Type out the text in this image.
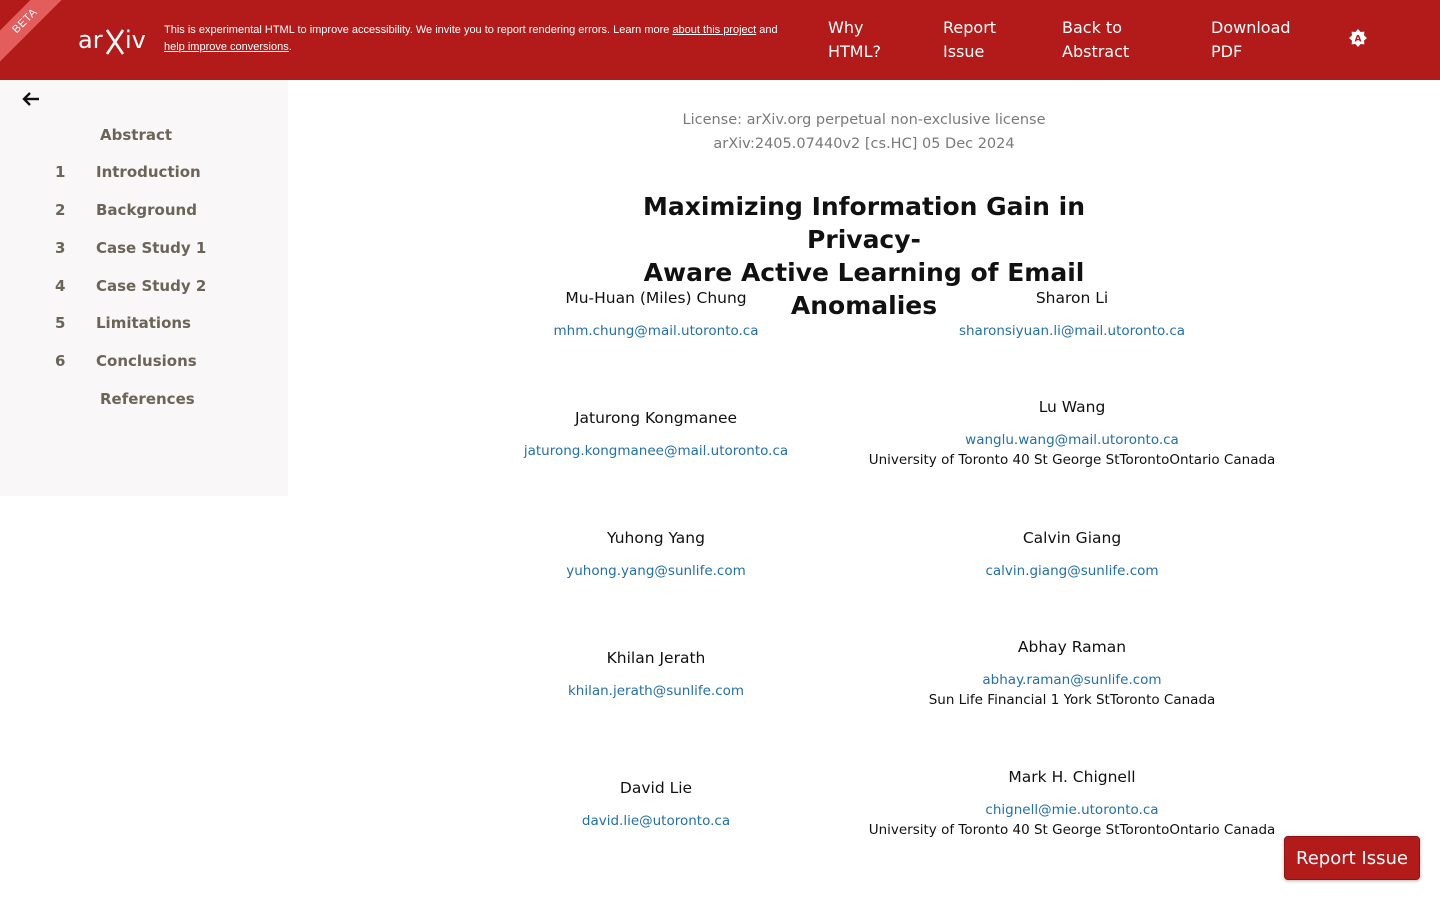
BETA
ar iv This is experimental HTML to improve accessibility. We invite you to report rendering errors. Learn more about this project and
help improve conversions.
Why
HTML?
Report
Issue
Back to
Abstract
Download
PDF
A
Abstract
1 Introduction
2 Background
3 Case Study 1
4 Case Study 2
5 Limitations
6 Conclusions
References
License: arXiv.org perpetual non-exclusive license
arXiv:2405.07440v2 [cs.HC] 05 Dec 2024
Maximizing Information Gain in Privacy-
Aware Active Learning of Email Anomalies
Mu-Huan (Miles) Chung
mhm.chung@mail.utoronto.ca
Sharon Li
sharonsiyuan.li@mail.utoronto.ca
Jaturong Kongmanee
jaturong.kongmanee@mail.utoronto.ca
Lu Wang
wanglu.wang@mail.utoronto.ca
University of Toronto 40 St George StTorontoOntario Canada
Yuhong Yang
yuhong.yang@sunlife.com
Calvin Giang
calvin.giang@sunlife.com
Khilan Jerath
khilan.jerath@sunlife.com
Abhay Raman
abhay.raman@sunlife.com
Sun Life Financial 1 York StToronto Canada
David Lie
david.lie@utoronto.ca
Mark H. Chignell
chignell@mie.utoronto.ca
University of Toronto 40 St George StTorontoOntario Canada
Report Issue
